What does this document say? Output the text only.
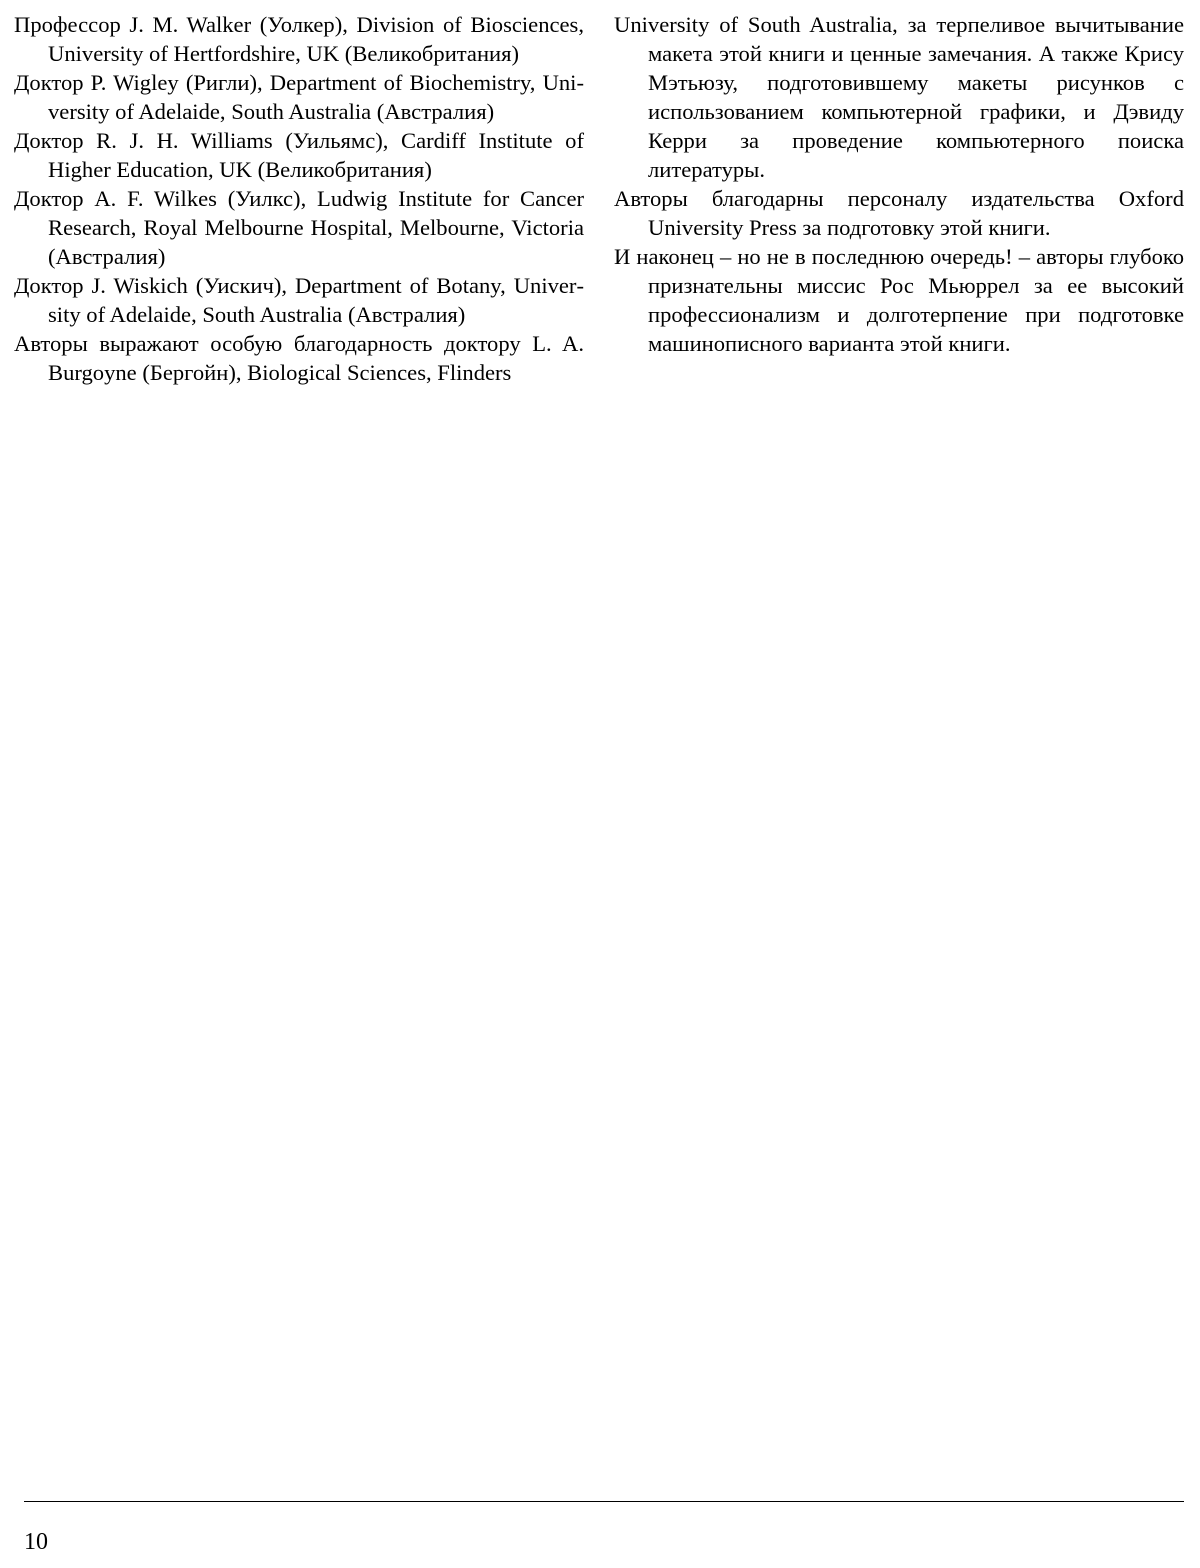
Профессор J. M. Walker (Уолкер), Division of Biosciences, University of Hertfordshire, UK (Великобритания)

Доктор P. Wigley (Ригли), Department of Biochemistry, University of Adelaide, South Australia (Австралия)

Доктор R. J. H. Williams (Уильямс), Cardiff Institute of Higher Education, UK (Великобритания)

Доктор A. F. Wilkes (Уилкс), Ludwig Institute for Cancer Research, Royal Melbourne Hospital, Melbourne, Victoria (Австралия)

Доктор J. Wiskich (Уискич), Department of Botany, University of Adelaide, South Australia (Австралия)

Авторы выражают особую благодарность доктору L. A. Burgoyne (Бергойн), Biological Sciences, Flinders

University of South Australia, за терпеливое вычитывание макета этой книги и ценные замечания. А также Крису Мэтьюзу, подготовившему макеты рисунков с использованием компьютерной графики, и Дэвиду Керри за проведение компьютерного поиска литературы.

Авторы благодарны персоналу издательства Oxford University Press за подготовку этой книги.

И наконец – но не в последнюю очередь! – авторы глубоко признательны миссис Рос Мьюррел за ее высокий профессионализм и долготерпение при подготовке машинописного варианта этой книги.

10
